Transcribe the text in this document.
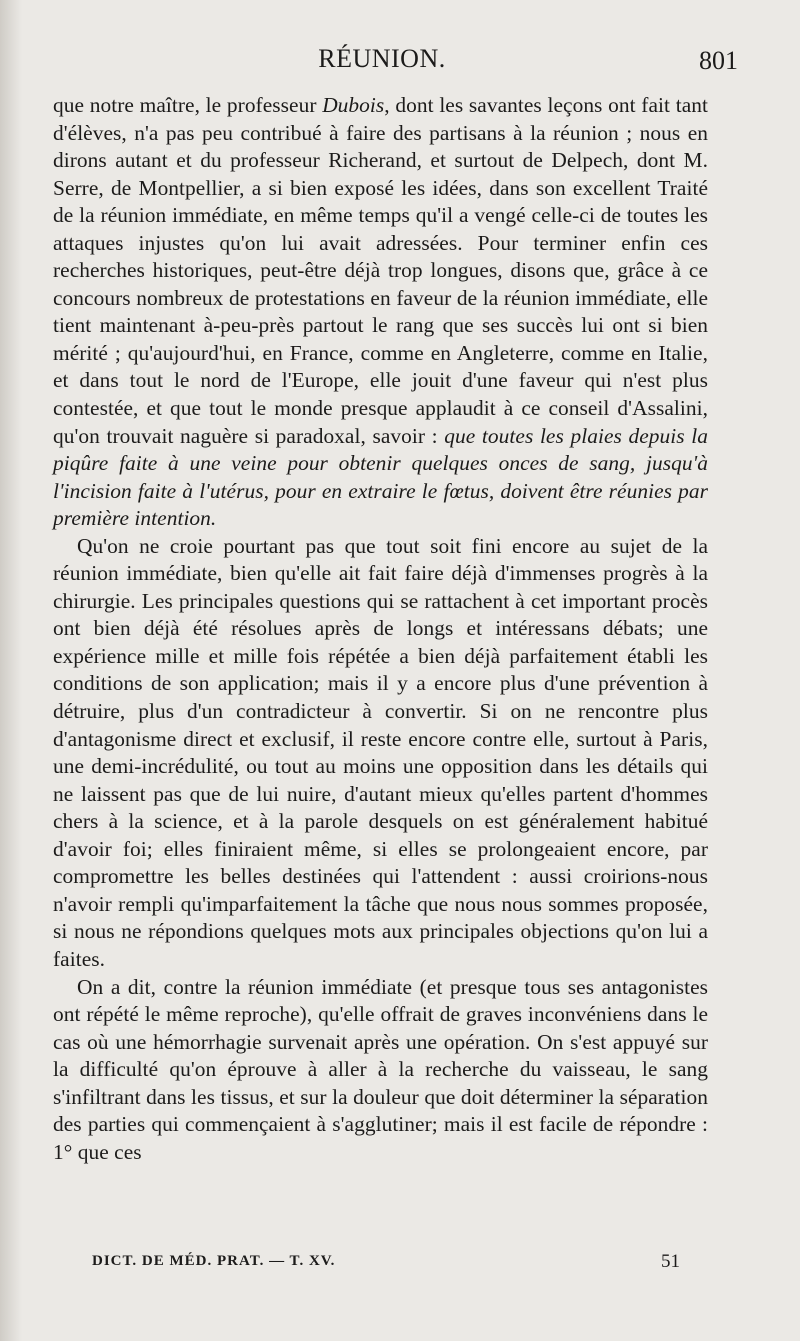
RÉUNION.	801

que notre maître, le professeur Dubois, dont les savantes leçons ont fait tant d'élèves, n'a pas peu contribué à faire des partisans à la réunion ; nous en dirons autant et du professeur Richerand, et surtout de Delpech, dont M. Serre, de Montpellier, a si bien exposé les idées, dans son excellent Traité de la réunion immédiate, en même temps qu'il a vengé celle-ci de toutes les attaques injustes qu'on lui avait adressées. Pour terminer enfin ces recherches historiques, peut-être déjà trop longues, disons que, grâce à ce concours nombreux de protestations en faveur de la réunion immédiate, elle tient maintenant à-peu-près partout le rang que ses succès lui ont si bien mérité ; qu'aujourd'hui, en France, comme en Angleterre, comme en Italie, et dans tout le nord de l'Europe, elle jouit d'une faveur qui n'est plus contestée, et que tout le monde presque applaudit à ce conseil d'Assalini, qu'on trouvait naguère si paradoxal, savoir : que toutes les plaies depuis la piqûre faite à une veine pour obtenir quelques onces de sang, jusqu'à l'incision faite à l'utérus, pour en extraire le fœtus, doivent être réunies par première intention.

Qu'on ne croie pourtant pas que tout soit fini encore au sujet de la réunion immédiate, bien qu'elle ait fait faire déjà d'immenses progrès à la chirurgie. Les principales questions qui se rattachent à cet important procès ont bien déjà été résolues après de longs et intéressans débats; une expérience mille et mille fois répétée a bien déjà parfaitement établi les conditions de son application; mais il y a encore plus d'une prévention à détruire, plus d'un contradicteur à convertir. Si on ne rencontre plus d'antagonisme direct et exclusif, il reste encore contre elle, surtout à Paris, une demi-incrédulité, ou tout au moins une opposition dans les détails qui ne laissent pas que de lui nuire, d'autant mieux qu'elles partent d'hommes chers à la science, et à la parole desquels on est généralement habitué d'avoir foi; elles finiraient même, si elles se prolongeaient encore, par compromettre les belles destinées qui l'attendent : aussi croirions-nous n'avoir rempli qu'imparfaitement la tâche que nous nous sommes proposée, si nous ne répondions quelques mots aux principales objections qu'on lui a faites.

On a dit, contre la réunion immédiate (et presque tous ses antagonistes ont répété le même reproche), qu'elle offrait de graves inconvéniens dans le cas où une hémorrhagie survenait après une opération. On s'est appuyé sur la difficulté qu'on éprouve à aller à la recherche du vaisseau, le sang s'infiltrant dans les tissus, et sur la douleur que doit déterminer la séparation des parties qui commençaient à s'agglutiner; mais il est facile de répondre : 1° que ces

DICT. DE MÉD. PRAT. — T. XV.	51
